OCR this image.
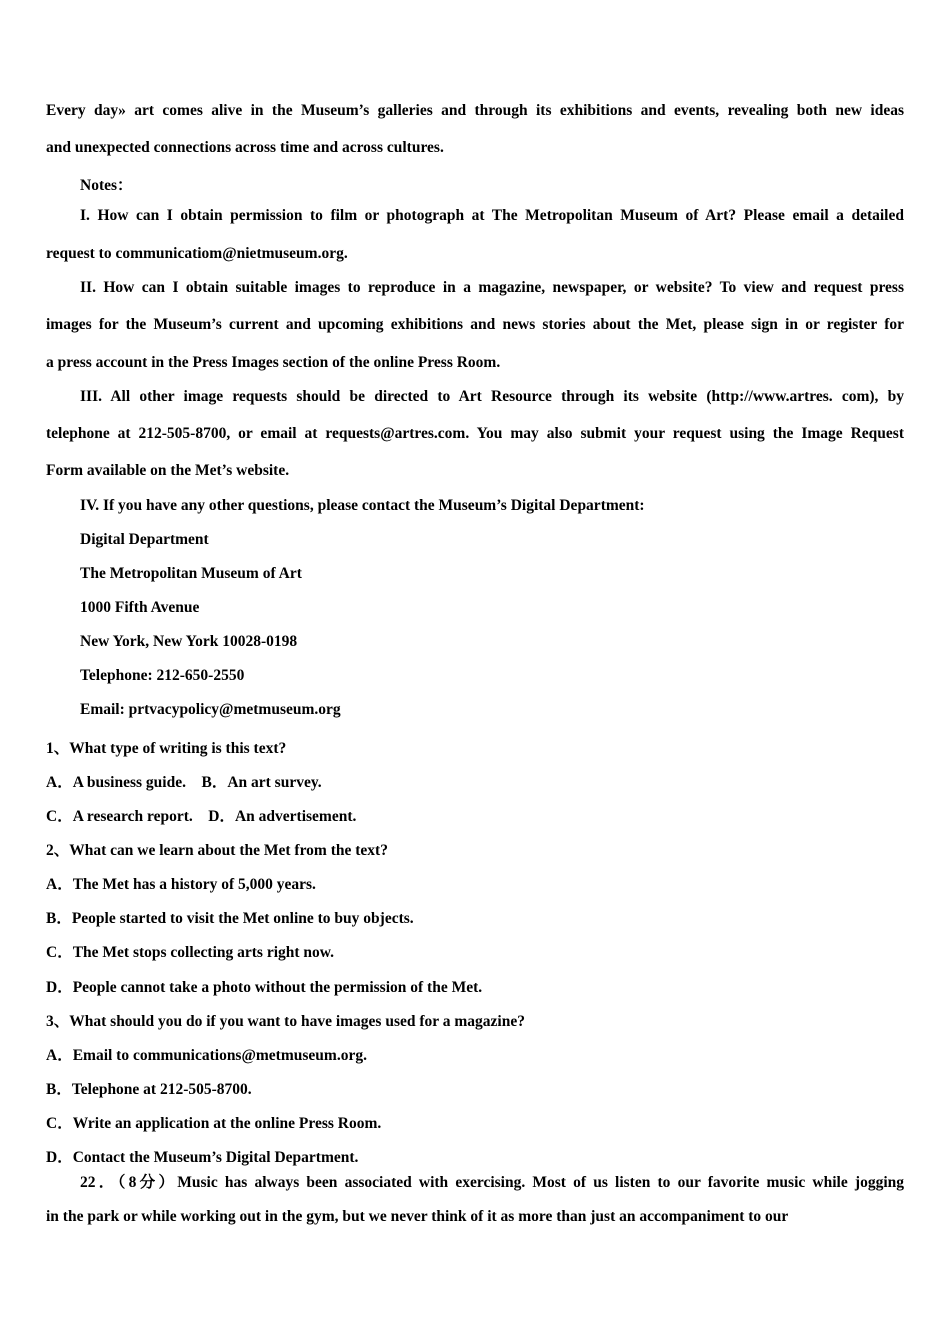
Every day» art comes alive in the Museum’s galleries and through its exhibitions and events, revealing both new ideas
and unexpected connections across time and across cultures.
Notes：
I. How can I obtain permission to film or photograph at The Metropolitan Museum of Art? Please email a detailed
request to communicatiom@nietmuseum.org.
II. How can I obtain suitable images to reproduce in a magazine, newspaper, or website? To view and request press
images for the Museum’s current and upcoming exhibitions and news stories about the Met, please sign in or register for
a press account in the Press Images section of the online Press Room.
III. All other image requests should be directed to Art Resource through its website (http://www.artres. com), by
telephone at 212-505-8700, or email at requests@artres.com. You may also submit your request using the Image Request
Form available on the Met’s website.
IV. If you have any other questions, please contact the Museum’s Digital Department:
Digital Department
The Metropolitan Museum of Art
1000 Fifth Avenue
New York, New York 10028-0198
Telephone: 212-650-2550
Email: prtvacypolicy@metmuseum.org
1、What type of writing is this text?
A．A business guide.    B．An art survey.
C．A research report.    D．An advertisement.
2、What can we learn about the Met from the text?
A．The Met has a history of 5,000 years.
B．People started to visit the Met online to buy objects.
C．The Met stops collecting arts right now.
D．People cannot take a photo without the permission of the Met.
3、What should you do if you want to have images used for a magazine?
A．Email to communications@metmuseum.org.
B．Telephone at 212-505-8700.
C．Write an application at the online Press Room.
D．Contact the Museum’s Digital Department.
22．（8分）Music has always been associated with exercising. Most of us listen to our favorite music while jogging
in the park or while working out in the gym, but we never think of it as more than just an accompaniment to our
